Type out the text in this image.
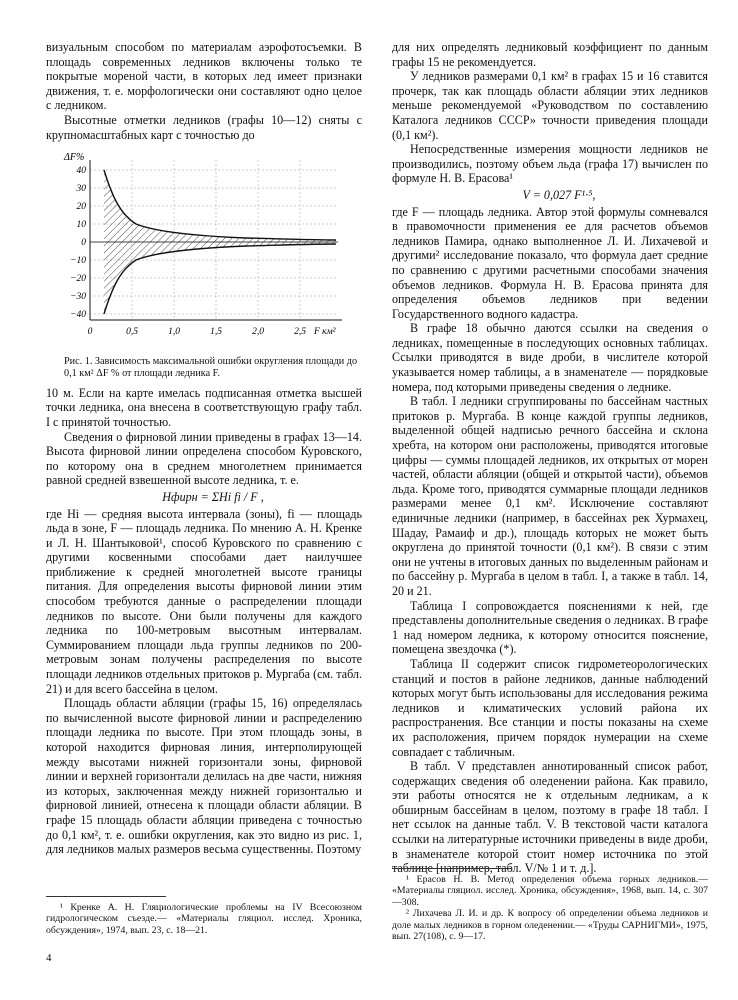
визуальным способом по материалам аэрофотосъемки. В площадь современных ледников включены только те покрытые мореной части, в которых лед имеет признаки движения, т. е. морфологически они составляют одно целое с ледником.

Высотные отметки ледников (графы 10—12) сняты с крупномасштабных карт с точностью до

ΔF%
40
30
20
10
0
−10
−20
−30
−40
0	0,5	1,0	1,5	2,0	2,5 F км²

Рис. 1. Зависимость максимальной ошибки округления площади до 0,1 км² ΔF % от площади ледника F.

10 м. Если на карте имелась подписанная отметка высшей точки ледника, она внесена в соответствующую графу табл. I с принятой точностью.

Сведения о фирновой линии приведены в графах 13—14. Высота фирновой линии определена способом Куровского, по которому она в среднем многолетнем принимается равной средней взвешенной высоте ледника, т. е.

Hфирн = ΣHi fi / F ,

где Hi — средняя высота интервала (зоны), fi — площадь льда в зоне, F — площадь ледника. По мнению А. Н. Кренке и Л. Н. Шантыковой¹, способ Куровского по сравнению с другими косвенными способами дает наилучшее приближение к средней многолетней высоте границы питания. Для определения высоты фирновой линии этим способом требуются данные о распределении площади ледников по высоте. Они были получены для каждого ледника по 100-метровым высотным интервалам. Суммированием площади льда группы ледников по 200-метровым зонам получены распределения по высоте площади ледников отдельных притоков р. Мургаба (см. табл. 21) и для всего бассейна в целом.

Площадь области абляции (графы 15, 16) определялась по вычисленной высоте фирновой линии и распределению площади ледника по высоте. При этом площадь зоны, в которой находится фирновая линия, интерполирующей между высотами нижней горизонтали зоны, фирновой линии и верхней горизонтали делилась на две части, нижняя из которых, заключенная между нижней горизонталью и фирновой линией, отнесена к площади области абляции. В графе 15 площадь области абляции приведена с точностью до 0,1 км², т. е. ошибки округления, как это видно из рис. 1, для ледников малых размеров весьма существенны. Поэтому

для них определять ледниковый коэффициент по данным графы 15 не рекомендуется.

У ледников размерами 0,1 км² в графах 15 и 16 ставится прочерк, так как площадь области абляции этих ледников меньше рекомендуемой «Руководством по составлению Каталога ледников СССР» точности приведения площади (0,1 км²).

Непосредственные измерения мощности ледников не производились, поэтому объем льда (графа 17) вычислен по формуле Н. В. Ерасова¹

V = 0,027 F¹·⁵,

где F — площадь ледника. Автор этой формулы сомневался в правомочности применения ее для расчетов объемов ледников Памира, однако выполненное Л. И. Лихачевой и другими² исследование показало, что формула дает средние по сравнению с другими расчетными способами значения объемов ледников. Формула Н. В. Ерасова принята для определения объемов ледников при ведении Государственного водного кадастра.

В графе 18 обычно даются ссылки на сведения о ледниках, помещенные в последующих основных таблицах. Ссылки приводятся в виде дроби, в числителе которой указывается номер таблицы, а в знаменателе — порядковые номера, под которыми приведены сведения о леднике.

В табл. I ледники сгруппированы по бассейнам частных притоков р. Мургаба. В конце каждой группы ледников, выделенной общей надписью речного бассейна и склона хребта, на котором они расположены, приводятся итоговые цифры — суммы площадей ледников, их открытых от морен частей, области абляции (общей и открытой части), объемов льда. Кроме того, приводятся суммарные площади ледников размерами менее 0,1 км². Исключение составляют единичные ледники (например, в бассейнах рек Хурмахец, Шадау, Рамаиф и др.), площадь которых не может быть округлена до принятой точности (0,1 км²). В связи с этим они не учтены в итоговых данных по выделенным районам и по бассейну р. Мургаба в целом в табл. I, а также в табл. 14, 20 и 21.

Таблица I сопровождается пояснениями к ней, где представлены дополнительные сведения о ледниках. В графе 1 над номером ледника, к которому относится пояснение, помещена звездочка (*).

Таблица II содержит список гидрометеорологических станций и постов в районе ледников, данные наблюдений которых могут быть использованы для исследования режима ледников и климатических условий района их распространения. Все станции и посты показаны на схеме их расположения, причем порядок нумерации на схеме совпадает с табличным.

В табл. V представлен аннотированный список работ, содержащих сведения об оледенении района. Как правило, эти работы относятся не к отдельным ледникам, а к обширным бассейнам в целом, поэтому в графе 18 табл. I нет ссылок на данные табл. V. В текстовой части каталога ссылки на литературные источники приведены в виде дроби, в знаменателе которой стоит номер источника по этой таблице [например, табл. V/№ 1 и т. д.].

¹ Кренке А. Н. Гляциологические проблемы на IV Всесоюзном гидрологическом съезде.— «Материалы гляциол. исслед. Хроника, обсуждения», 1974, вып. 23, с. 18—21.

¹ Ерасов Н. В. Метод определения объема горных ледников.— «Материалы гляциол. исслед. Хроника, обсуждения», 1968, вып. 14, с. 307—308.

² Лихачева Л. И. и др. К вопросу об определении объема ледников и доле малых ледников в горном оледенении.— «Труды САРНИГМИ», 1975, вып. 27(108), с. 9—17.

4
